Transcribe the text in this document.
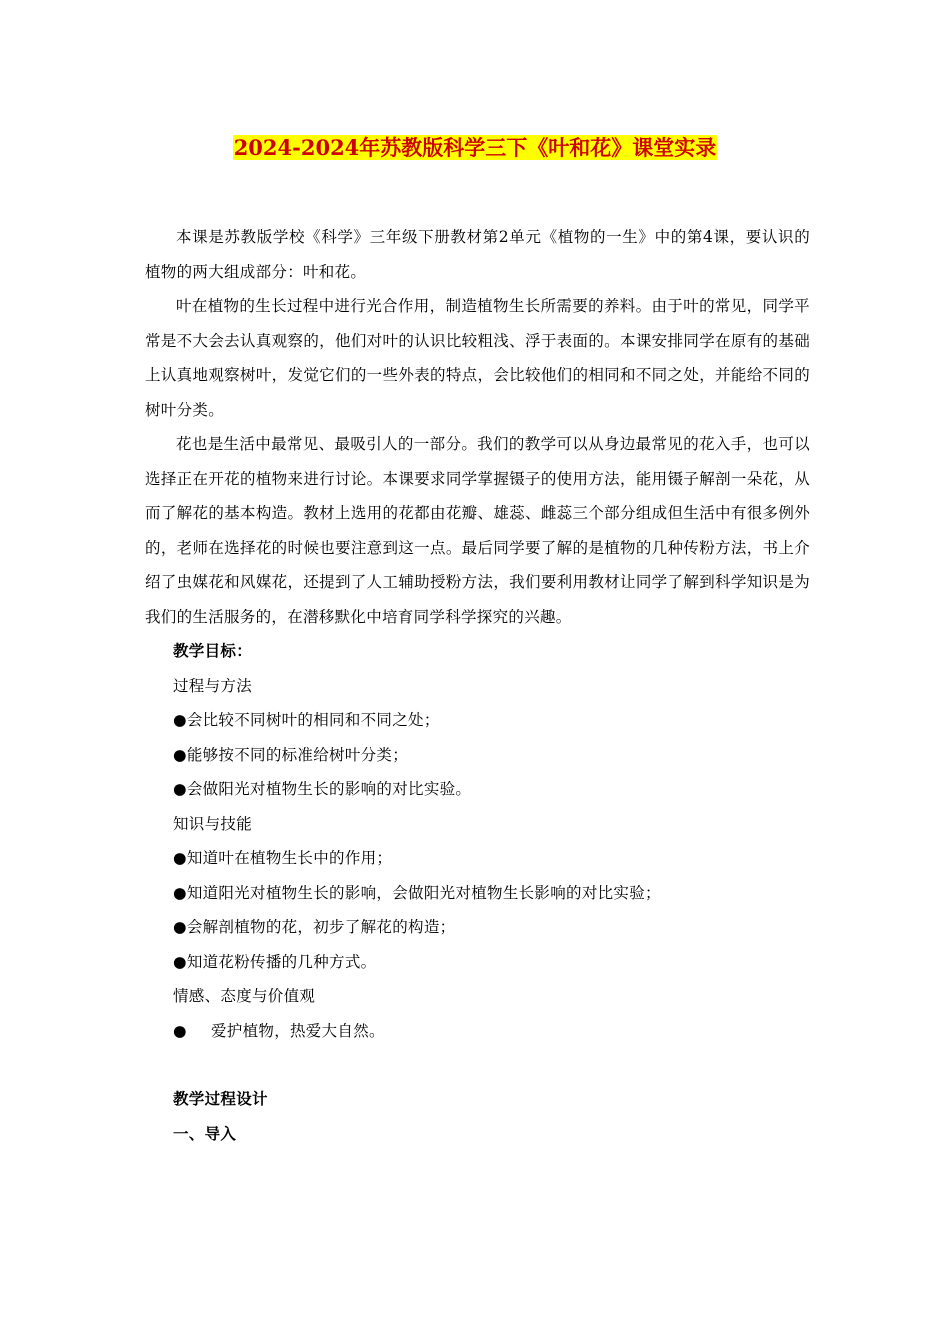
2024-2024年苏教版科学三下《叶和花》课堂实录

本课是苏教版学校《科学》三年级下册教材第2单元《植物的一生》中的第4课，要认识的植物的两大组成部分：叶和花。

叶在植物的生长过程中进行光合作用，制造植物生长所需要的养料。由于叶的常见，同学平常是不大会去认真观察的，他们对叶的认识比较粗浅、浮于表面的。本课安排同学在原有的基础上认真地观察树叶，发觉它们的一些外表的特点，会比较他们的相同和不同之处，并能给不同的树叶分类。

花也是生活中最常见、最吸引人的一部分。我们的教学可以从身边最常见的花入手，也可以选择正在开花的植物来进行讨论。本课要求同学掌握镊子的使用方法，能用镊子解剖一朵花，从而了解花的基本构造。教材上选用的花都由花瓣、雄蕊、雌蕊三个部分组成但生活中有很多例外的，老师在选择花的时候也要注意到这一点。最后同学要了解的是植物的几种传粉方法，书上介绍了虫媒花和风媒花，还提到了人工辅助授粉方法，我们要利用教材让同学了解到科学知识是为我们的生活服务的，在潜移默化中培育同学科学探究的兴趣。

教学目标：

过程与方法

●会比较不同树叶的相同和不同之处；

●能够按不同的标准给树叶分类；

●会做阳光对植物生长的影响的对比实验。

知识与技能

●知道叶在植物生长中的作用；

●知道阳光对植物生长的影响，会做阳光对植物生长影响的对比实验；

●会解剖植物的花，初步了解花的构造；

●知道花粉传播的几种方式。

情感、态度与价值观

● 爱护植物，热爱大自然。

教学过程设计

一、导入
